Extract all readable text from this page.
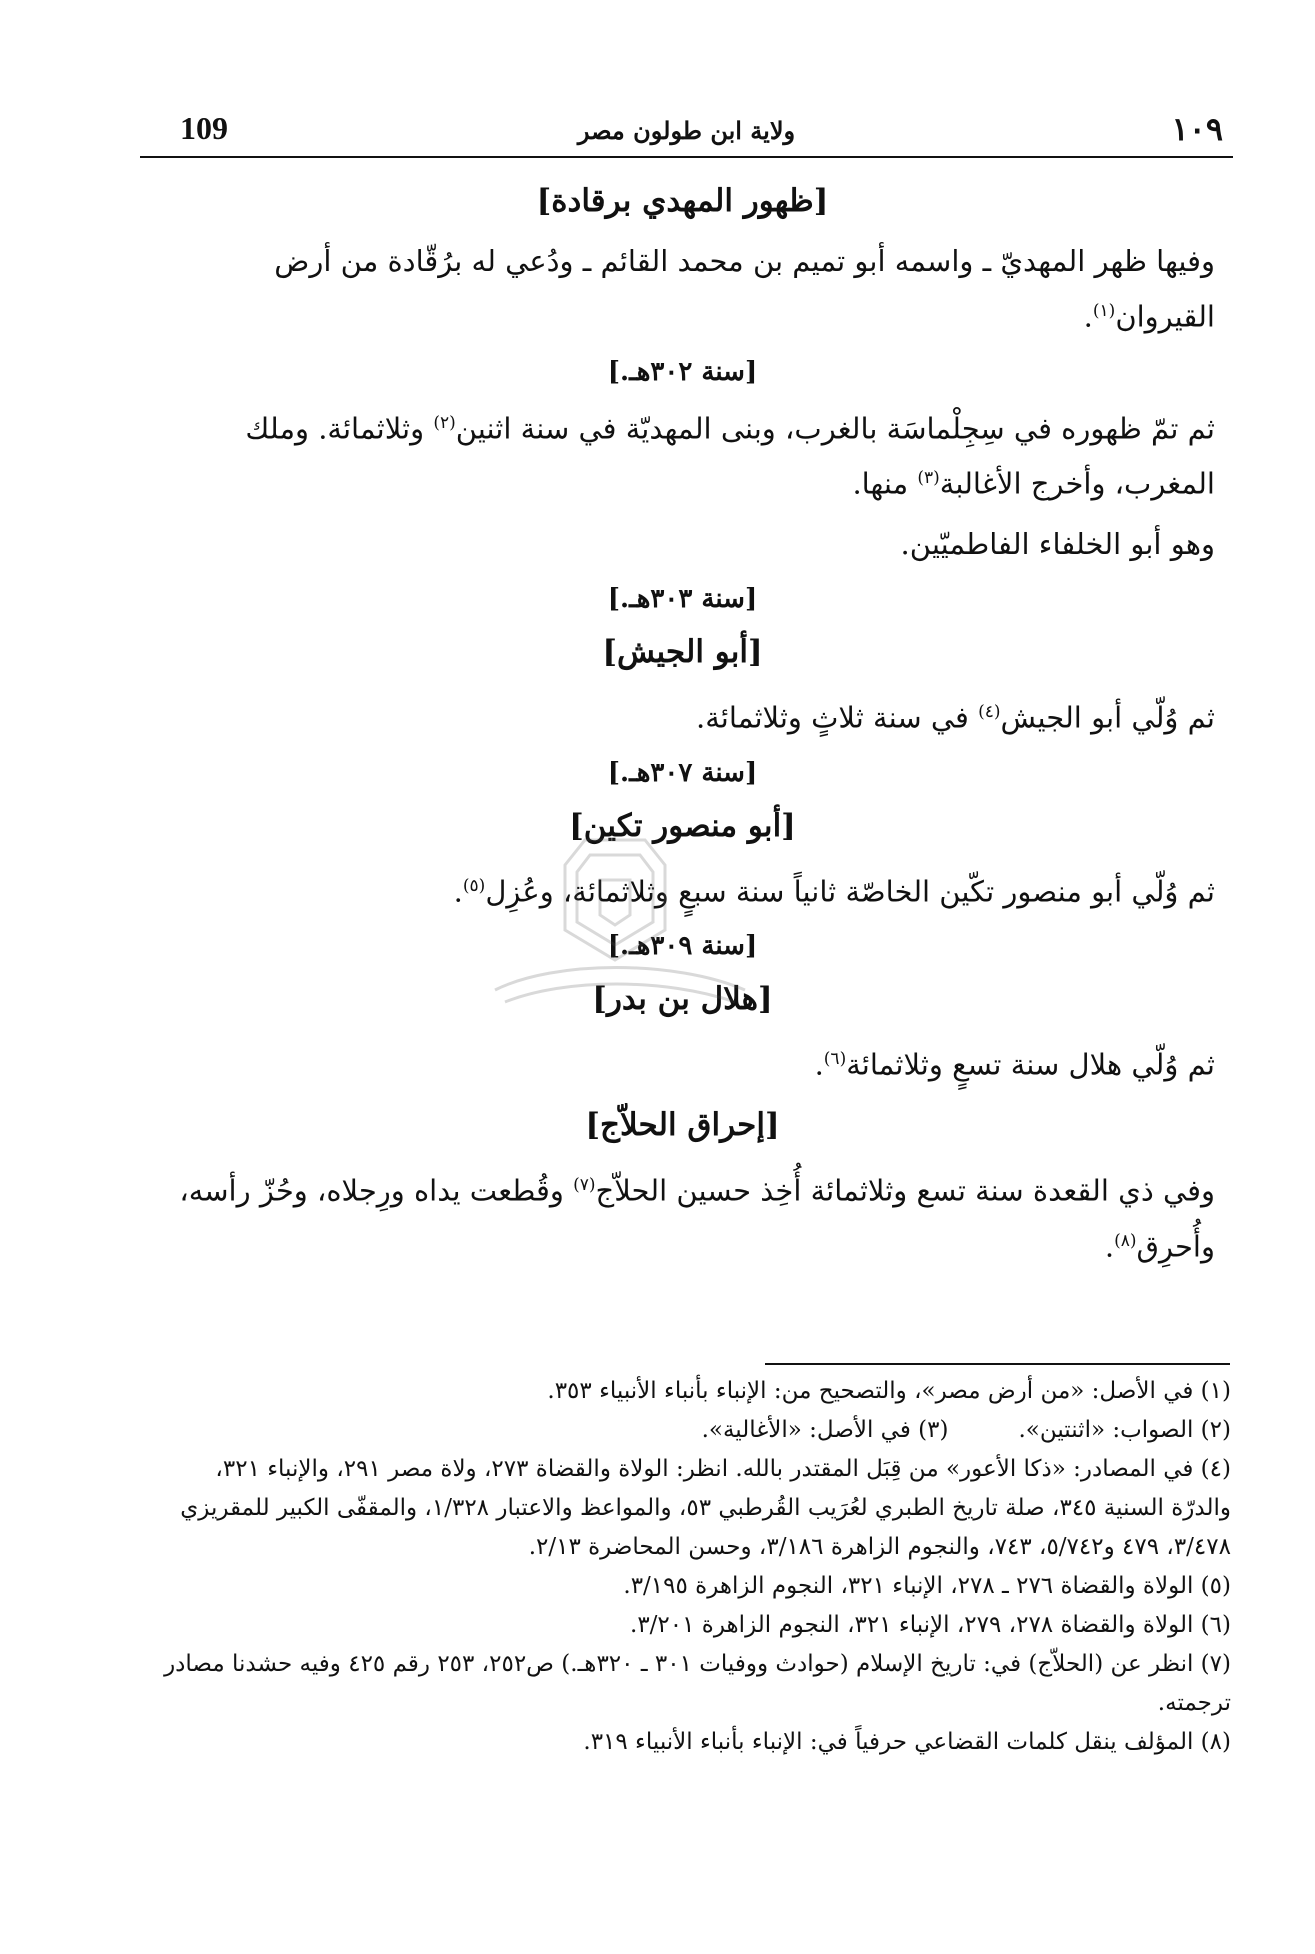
109	ولاية ابن طولون مصر	١٠٩
[ظهور المهدي برقادة]

وفيها ظهر المهديّ ـ واسمه أبو تميم بن محمد القائم ـ ودُعي له برُقّادة من أرض القيروان$^{(١)}$.

[سنة ٣٠٢هـ.]

ثم تمّ ظهوره في سِجِلْماسَة بالغرب، وبنى المهديّة في سنة اثنين$^{(٢)}$ وثلاثمائة. وملك المغرب، وأخرج الأغالبة$^{(٣)}$ منها.

وهو أبو الخلفاء الفاطميّين.

[سنة ٣٠٣هـ.]
[أبو الجيش]

ثم وُلّي أبو الجيش$^{(٤)}$ في سنة ثلاثٍ وثلاثمائة.

[سنة ٣٠٧هـ.]
[أبو منصور تكين]

ثم وُلّي أبو منصور تكّين الخاصّة ثانياً سنة سبعٍ وثلاثمائة، وعُزِل$^{(٥)}$.

[سنة ٣٠٩هـ.]
[هلال بن بدر]

ثم وُلّي هلال سنة تسعٍ وثلاثمائة$^{(٦)}$.

[إحراق الحلاّج]

وفي ذي القعدة سنة تسع وثلاثمائة أُخِذ حسين الحلاّج$^{(٧)}$ وقُطعت يداه ورِجلاه، وحُزّ رأسه، وأُحرِق$^{(٨)}$.

(١) في الأصل: «من أرض مصر»، والتصحيح من: الإنباء بأنباء الأنبياء ٣٥٣.

(٢) الصواب: «اثنتين».
(٣) في الأصل: «الأغالية».

(٤) في المصادر: «ذكا الأعور» من قِبَل المقتدر بالله. انظر: الولاة والقضاة ٢٧٣، ولاة مصر ٢٩١، والإنباء ٣٢١، والدرّة السنية ٣٤٥، صلة تاريخ الطبري لعُرَيب القُرطبي ٥٣، والمواعظ والاعتبار ١/٣٢٨، والمقفّى الكبير للمقريزي ٣/٤٧٨، ٤٧٩ و٥/٧٤٢، ٧٤٣، والنجوم الزاهرة ٣/١٨٦، وحسن المحاضرة ٢/١٣.

(٥) الولاة والقضاة ٢٧٦ ـ ٢٧٨، الإنباء ٣٢١، النجوم الزاهرة ٣/١٩٥.

(٦) الولاة والقضاة ٢٧٨، ٢٧٩، الإنباء ٣٢١، النجوم الزاهرة ٣/٢٠١.

(٧) انظر عن (الحلاّج) في: تاريخ الإسلام (حوادث ووفيات ٣٠١ ـ ٣٢٠هـ.) ص٢٥٢، ٢٥٣ رقم ٤٢٥ وفيه حشدنا مصادر ترجمته.

(٨) المؤلف ينقل كلمات القضاعي حرفياً في: الإنباء بأنباء الأنبياء ٣١٩.
